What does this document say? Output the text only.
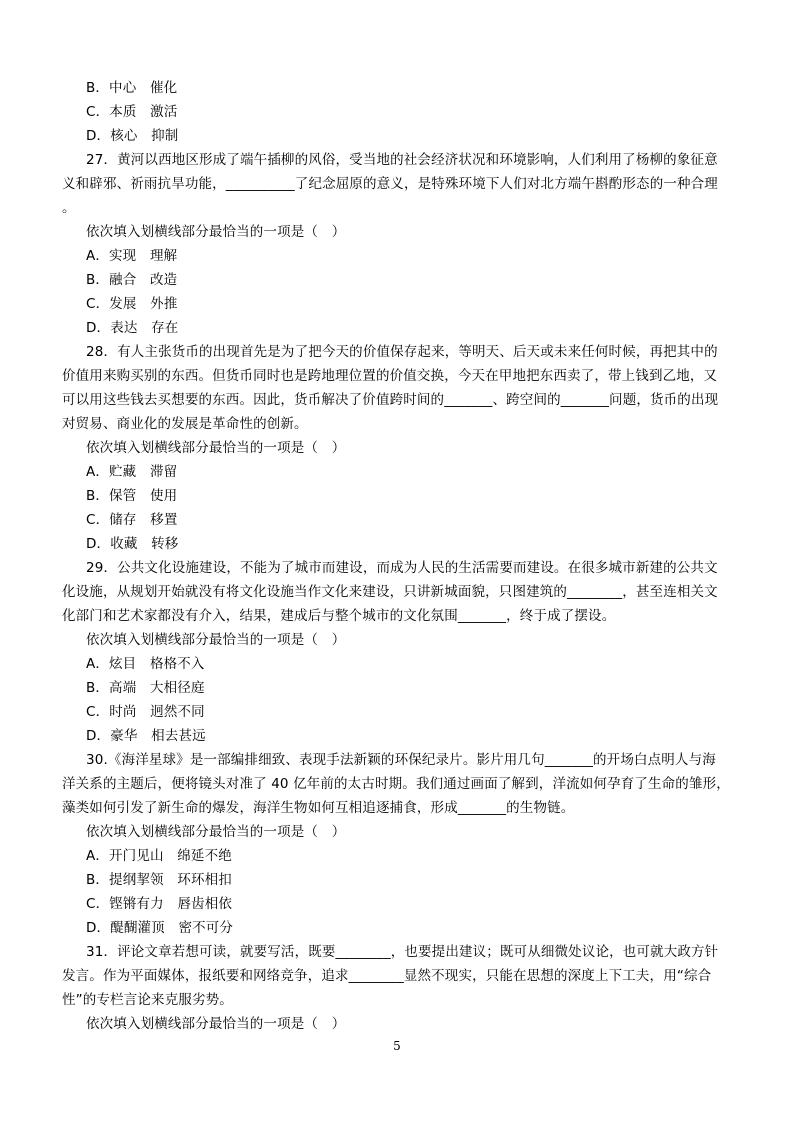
B．中心　催化
C．本质　激活
D．核心　抑制
27．黄河以西地区形成了端午插柳的风俗，受当地的社会经济状况和环境影响，人们利用了杨柳的象征意
义和辟邪、祈雨抗旱功能，__________了纪念屈原的意义，是特殊环境下人们对北方端午斟酌形态的一种合理
。
依次填入划横线部分最恰当的一项是（　）
A．实现　理解
B．融合　改造
C．发展　外推
D．表达　存在
28．有人主张货币的出现首先是为了把今天的价值保存起来，等明天、后天或未来任何时候，再把其中的
价值用来购买别的东西。但货币同时也是跨地理位置的价值交换，今天在甲地把东西卖了，带上钱到乙地，又
可以用这些钱去买想要的东西。因此，货币解决了价值跨时间的_______、跨空间的_______问题，货币的出现
对贸易、商业化的发展是革命性的创新。
依次填入划横线部分最恰当的一项是（　）
A．贮藏　滞留
B．保管　使用
C．储存　移置
D．收藏　转移
29．公共文化设施建设，不能为了城市而建设，而成为人民的生活需要而建设。在很多城市新建的公共文
化设施，从规划开始就没有将文化设施当作文化来建设，只讲新城面貌，只图建筑的________，甚至连相关文
化部门和艺术家都没有介入，结果，建成后与整个城市的文化氛围_______，终于成了摆设。
依次填入划横线部分最恰当的一项是（　）
A．炫目　格格不入
B．高端　大相径庭
C．时尚　迥然不同
D．豪华　相去甚远
30.《海洋星球》是一部编排细致、表现手法新颖的环保纪录片。影片用几句_______的开场白点明人与海
洋关系的主题后，便将镜头对准了 40 亿年前的太古时期。我们通过画面了解到，洋流如何孕育了生命的雏形，
藻类如何引发了新生命的爆发，海洋生物如何互相追逐捕食，形成_______的生物链。
依次填入划横线部分最恰当的一项是（　）
A．开门见山　绵延不绝
B．提纲挈领　环环相扣
C．铿锵有力　唇齿相依
D．醍醐灌顶　密不可分
31．评论文章若想可读，就要写活，既要________，也要提出建议；既可从细微处议论，也可就大政方针
发言。作为平面媒体，报纸要和网络竞争，追求________显然不现实，只能在思想的深度上下工夫，用“综合
性”的专栏言论来克服劣势。
依次填入划横线部分最恰当的一项是（　）
5
